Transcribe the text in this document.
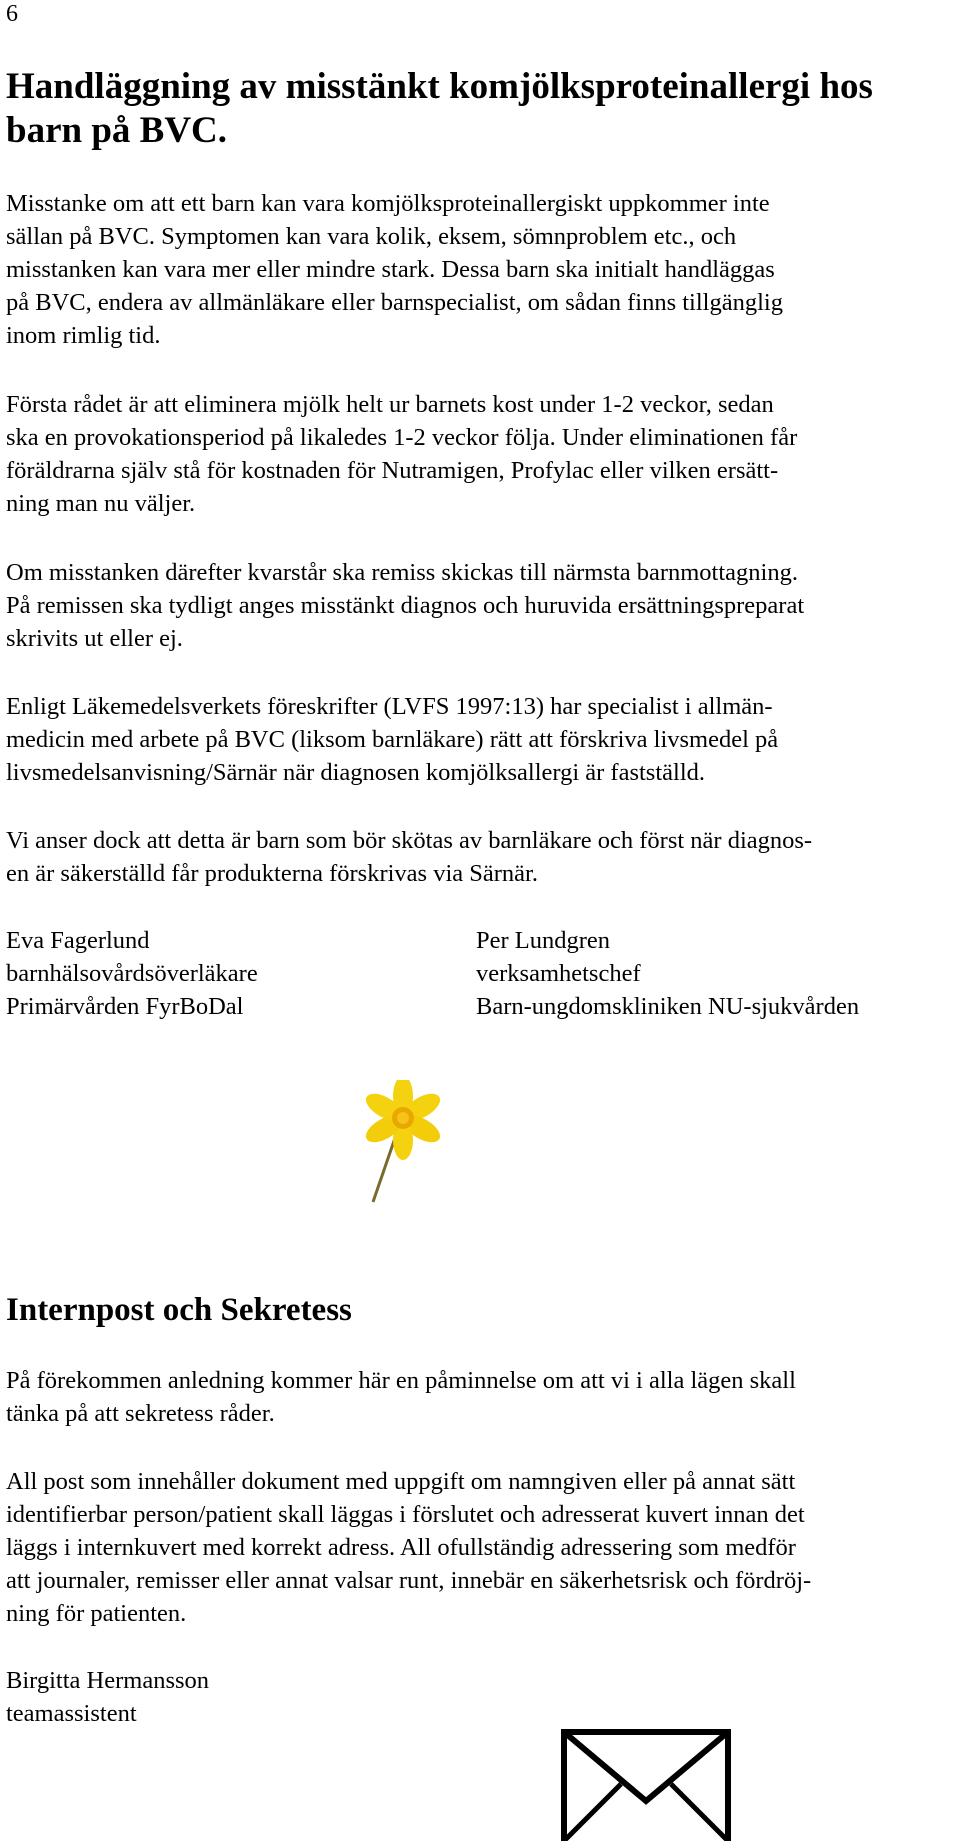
6
Handläggning av misstänkt komjölksproteinallergi hos
barn på BVC.

Misstanke om att ett barn kan vara komjölksproteinallergiskt uppkommer inte
sällan på BVC. Symptomen kan vara kolik, eksem, sömnproblem etc., och
misstanken kan vara mer eller mindre stark. Dessa barn ska initialt handläggas
på BVC, endera av allmänläkare eller barnspecialist, om sådan finns tillgänglig
inom rimlig tid.

Första rådet är att eliminera mjölk helt ur barnets kost under 1-2 veckor, sedan
ska en provokationsperiod på likaledes 1-2 veckor följa. Under eliminationen får
föräldrarna själv stå för kostnaden för Nutramigen, Profylac eller vilken ersätt-
ning man nu väljer.

Om misstanken därefter kvarstår ska remiss skickas till närmsta barnmottagning.
På remissen ska tydligt anges misstänkt diagnos och huruvida ersättningspreparat
skrivits ut eller ej.

Enligt Läkemedelsverkets föreskrifter (LVFS 1997:13) har specialist i allmän-
medicin med arbete på BVC (liksom barnläkare) rätt att förskriva livsmedel på
livsmedelsanvisning/Särnär när diagnosen komjölksallergi är fastställd.

Vi anser dock att detta är barn som bör skötas av barnläkare och först när diagnos-
en är säkerställd får produkterna förskrivas via Särnär.

Eva Fagerlund
barnhälsovårdsöverläkare
Primärvården FyrBoDal
Per Lundgren
verksamhetschef
Barn-ungdomskliniken NU-sjukvården
Internpost och Sekretess

På förekommen anledning kommer här en påminnelse om att vi i alla lägen skall
tänka på att sekretess råder.

All post som innehåller dokument med uppgift om namngiven eller på annat sätt
identifierbar person/patient skall läggas i förslutet och adresserat kuvert innan det
läggs i internkuvert med korrekt adress. All ofullständig adressering som medför
att journaler, remisser eller annat valsar runt, innebär en säkerhetsrisk och fördröj-
ning för patienten.

Birgitta Hermansson
teamassistent
